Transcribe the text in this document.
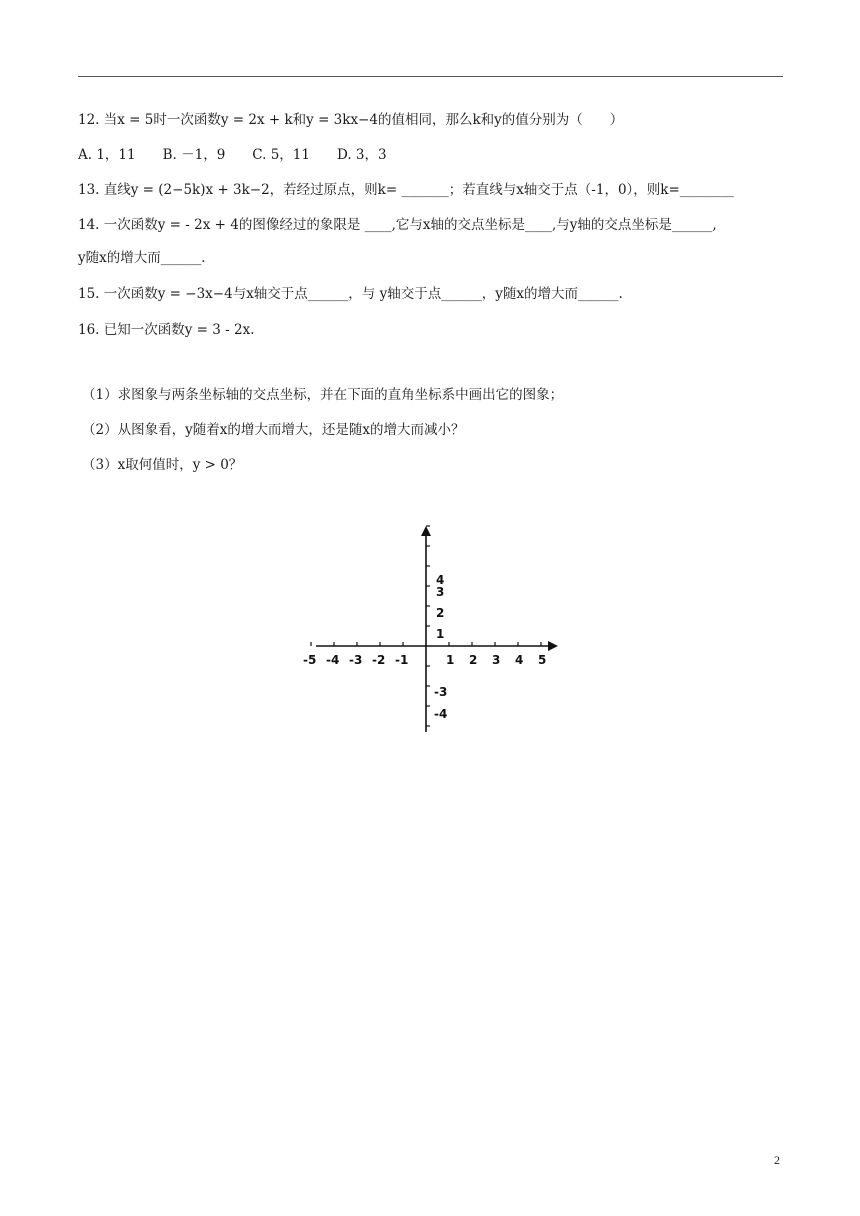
12. 当x = 5时一次函数y = 2x + k和y = 3kx−4的值相同，那么k和y的值分别为（　　）
A. 1，11　　B. －1，9　　C. 5，11　　D. 3，3
13. 直线y = (2−5k)x + 3k−2，若经过原点，则k= _______；若直线与x轴交于点（-1，0），则k=________
14. 一次函数y = - 2x + 4的图像经过的象限是 ____,它与x轴的交点坐标是____,与y轴的交点坐标是______,
y随x的增大而______.
15. 一次函数y = −3x−4与x轴交于点______，与 y轴交于点______，y随x的增大而______.
16. 已知一次函数y = 3 - 2x.
（1）求图象与两条坐标轴的交点坐标，并在下面的直角坐标系中画出它的图象；
（2）从图象看，y随着x的增大而增大，还是随x的增大而减小？
（3）x取何值时，y > 0？
-5 -4 -3 -2 -1	1 2 3 4 5
1
2
3
4
-3
-4
2
